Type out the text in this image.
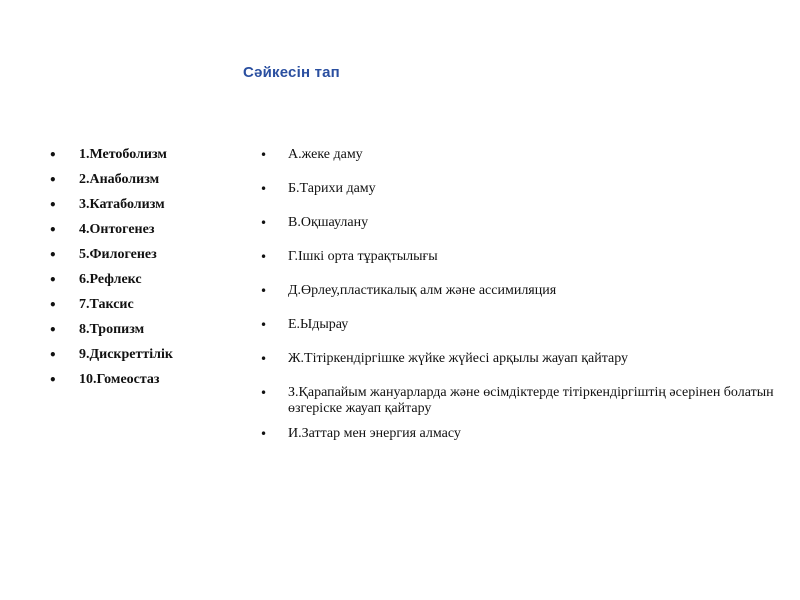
Сәйкесін тап
• 1.Метоболизм
• 2.Анаболизм
• 3.Катаболизм
• 4.Онтогенез
• 5.Филогенез
• 6.Рефлекс
• 7.Таксис
• 8.Тропизм
• 9.Дискреттілік
• 10.Гомеостаз
• А.жеке даму
• Б.Тарихи даму
• В.Оқшаулану
• Г.Ішкі орта тұрақтылығы
• Д.Өрлеу,пластикалық алм және ассимиляция
• Е.Ыдырау
• Ж.Тітіркендіргішке жүйке жүйесі арқылы жауап қайтару
• З.Қарапайым жануарларда және өсімдіктерде тітіркендіргіштің әсерінен болатын өзгеріске жауап қайтару
• И.Заттар мен энергия алмасу
